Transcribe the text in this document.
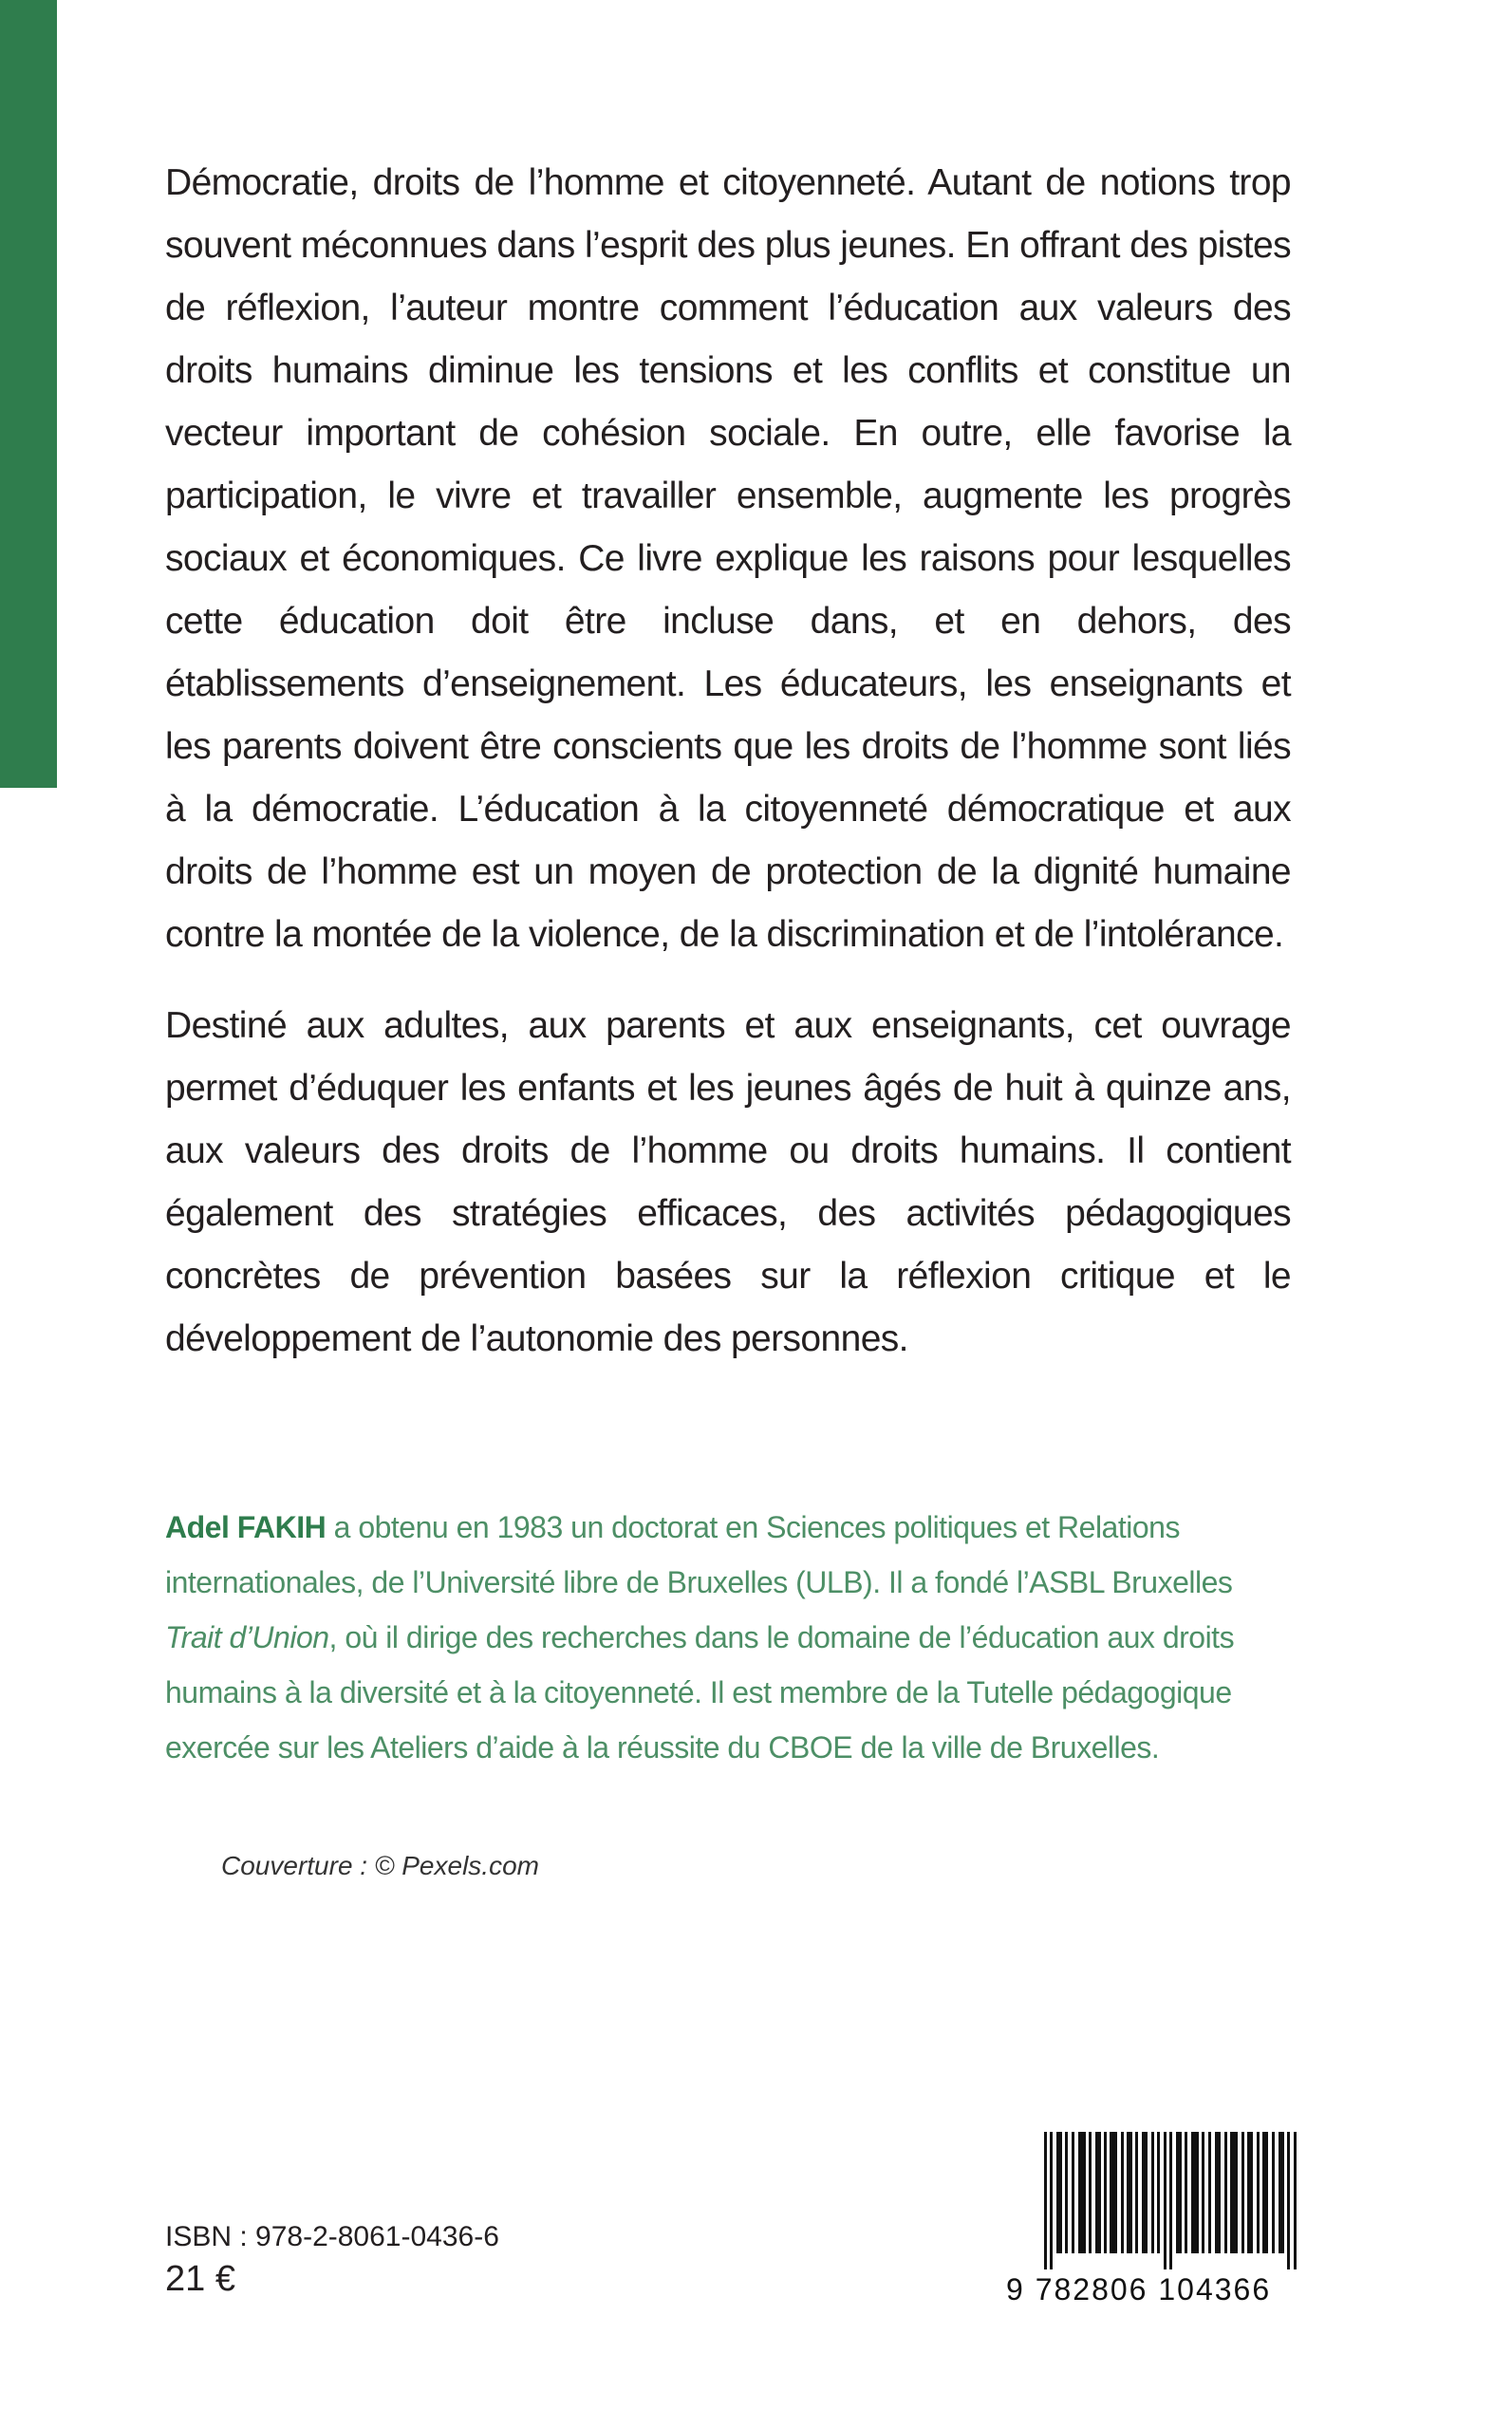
Démocratie, droits de l’homme et citoyenneté. Autant de notions trop souvent méconnues dans l’esprit des plus jeunes. En offrant des pistes de réflexion, l’auteur montre comment l’éducation aux valeurs des droits humains diminue les tensions et les conflits et constitue un vecteur important de cohésion sociale. En outre, elle favorise la participation, le vivre et travailler ensemble, augmente les progrès sociaux et économiques. Ce livre explique les raisons pour lesquelles cette éducation doit être incluse dans, et en dehors, des établissements d’enseignement. Les éducateurs, les enseignants et les parents doivent être conscients que les droits de l’homme sont liés à la démocratie. L’éducation à la citoyenneté démocratique et aux droits de l’homme est un moyen de protection de la dignité humaine contre la montée de la violence, de la discrimination et de l’intolérance.

Destiné aux adultes, aux parents et aux enseignants, cet ouvrage permet d’éduquer les enfants et les jeunes âgés de huit à quinze ans, aux valeurs des droits de l’homme ou droits humains. Il contient également des stratégies efficaces, des activités pédagogiques concrètes de prévention basées sur la réflexion critique et le développement de l’autonomie des personnes.

Adel FAKIH a obtenu en 1983 un doctorat en Sciences politiques et Relations internationales, de l’Université libre de Bruxelles (ULB). Il a fondé l’ASBL Bruxelles Trait d’Union, où il dirige des recherches dans le domaine de l’éducation aux droits humains à la diversité et à la citoyenneté. Il est membre de la Tutelle pédagogique exercée sur les Ateliers d’aide à la réussite du CBOE de la ville de Bruxelles.

Couverture : © Pexels.com
ISBN : 978-2-8061-0436-6
21 €	9 782806 104366
